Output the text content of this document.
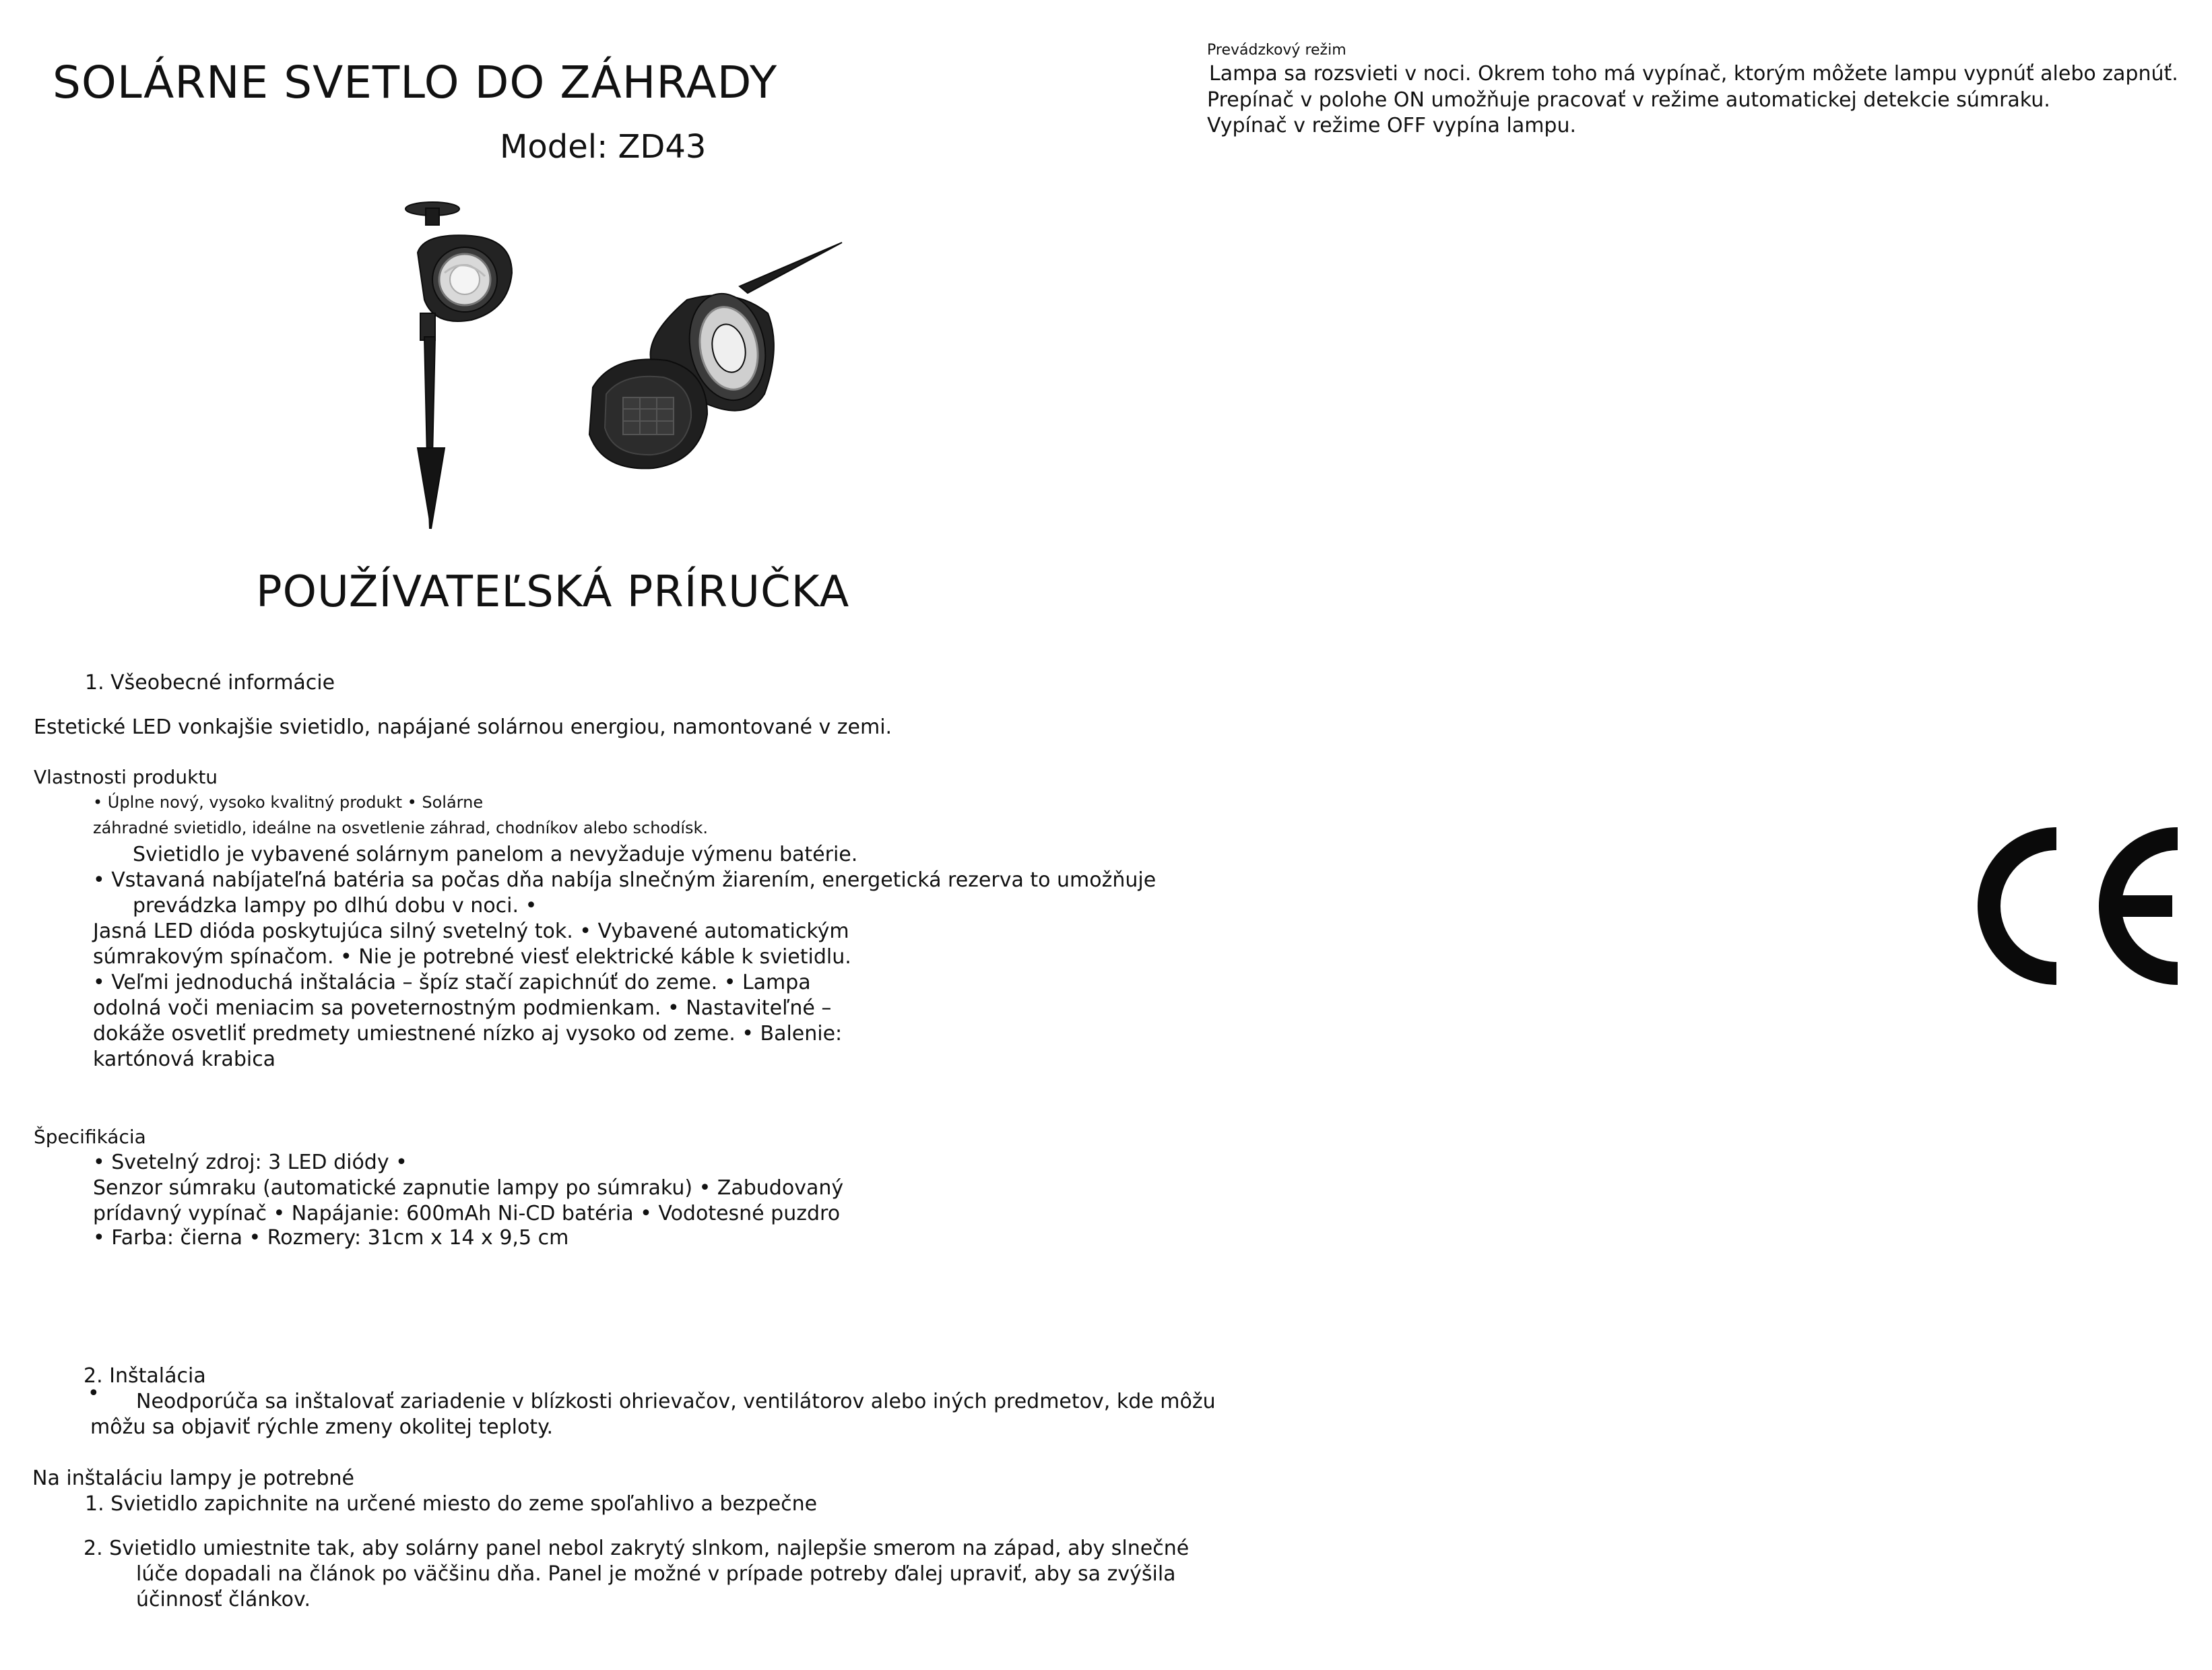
SOLÁRNE SVETLO DO ZÁHRADY
Model: ZD43
POUŽÍVATEĽSKÁ PRÍRUČKA
1. Všeobecné informácie
Estetické LED vonkajšie svietidlo, napájané solárnou energiou, namontované v zemi.
Vlastnosti produktu
• Úplne nový, vysoko kvalitný produkt • Solárne
záhradné svietidlo, ideálne na osvetlenie záhrad, chodníkov alebo schodísk.
Svietidlo je vybavené solárnym panelom a nevyžaduje výmenu batérie.
• Vstavaná nabíjateľná batéria sa počas dňa nabíja slnečným žiarením, energetická rezerva to umožňuje
prevádzka lampy po dlhú dobu v noci. •
Jasná LED dióda poskytujúca silný svetelný tok. • Vybavené automatickým
súmrakovým spínačom. • Nie je potrebné viesť elektrické káble k svietidlu.
• Veľmi jednoduchá inštalácia – špíz stačí zapichnúť do zeme. • Lampa
odolná voči meniacim sa poveternostným podmienkam. • Nastaviteľné –
dokáže osvetliť predmety umiestnené nízko aj vysoko od zeme. • Balenie:
kartónová krabica
Špecifikácia
• Svetelný zdroj: 3 LED diódy •
Senzor súmraku (automatické zapnutie lampy po súmraku) • Zabudovaný
prídavný vypínač • Napájanie: 600mAh Ni-CD batéria • Vodotesné puzdro
• Farba: čierna • Rozmery: 31cm x 14 x 9,5 cm
2. Inštalácia
• Neodporúča sa inštalovať zariadenie v blízkosti ohrievačov, ventilátorov alebo iných predmetov, kde môžu
môžu sa objaviť rýchle zmeny okolitej teploty.
Na inštaláciu lampy je potrebné
1. Svietidlo zapichnite na určené miesto do zeme spoľahlivo a bezpečne
2. Svietidlo umiestnite tak, aby solárny panel nebol zakrytý slnkom, najlepšie smerom na západ, aby slnečné
lúče dopadali na článok po väčšinu dňa. Panel je možné v prípade potreby ďalej upraviť, aby sa zvýšila
účinnosť článkov.
Prevádzkový režim
Lampa sa rozsvieti v noci. Okrem toho má vypínač, ktorým môžete lampu vypnúť alebo zapnúť.
Prepínač v polohe ON umožňuje pracovať v režime automatickej detekcie súmraku.
Vypínač v režime OFF vypína lampu.
